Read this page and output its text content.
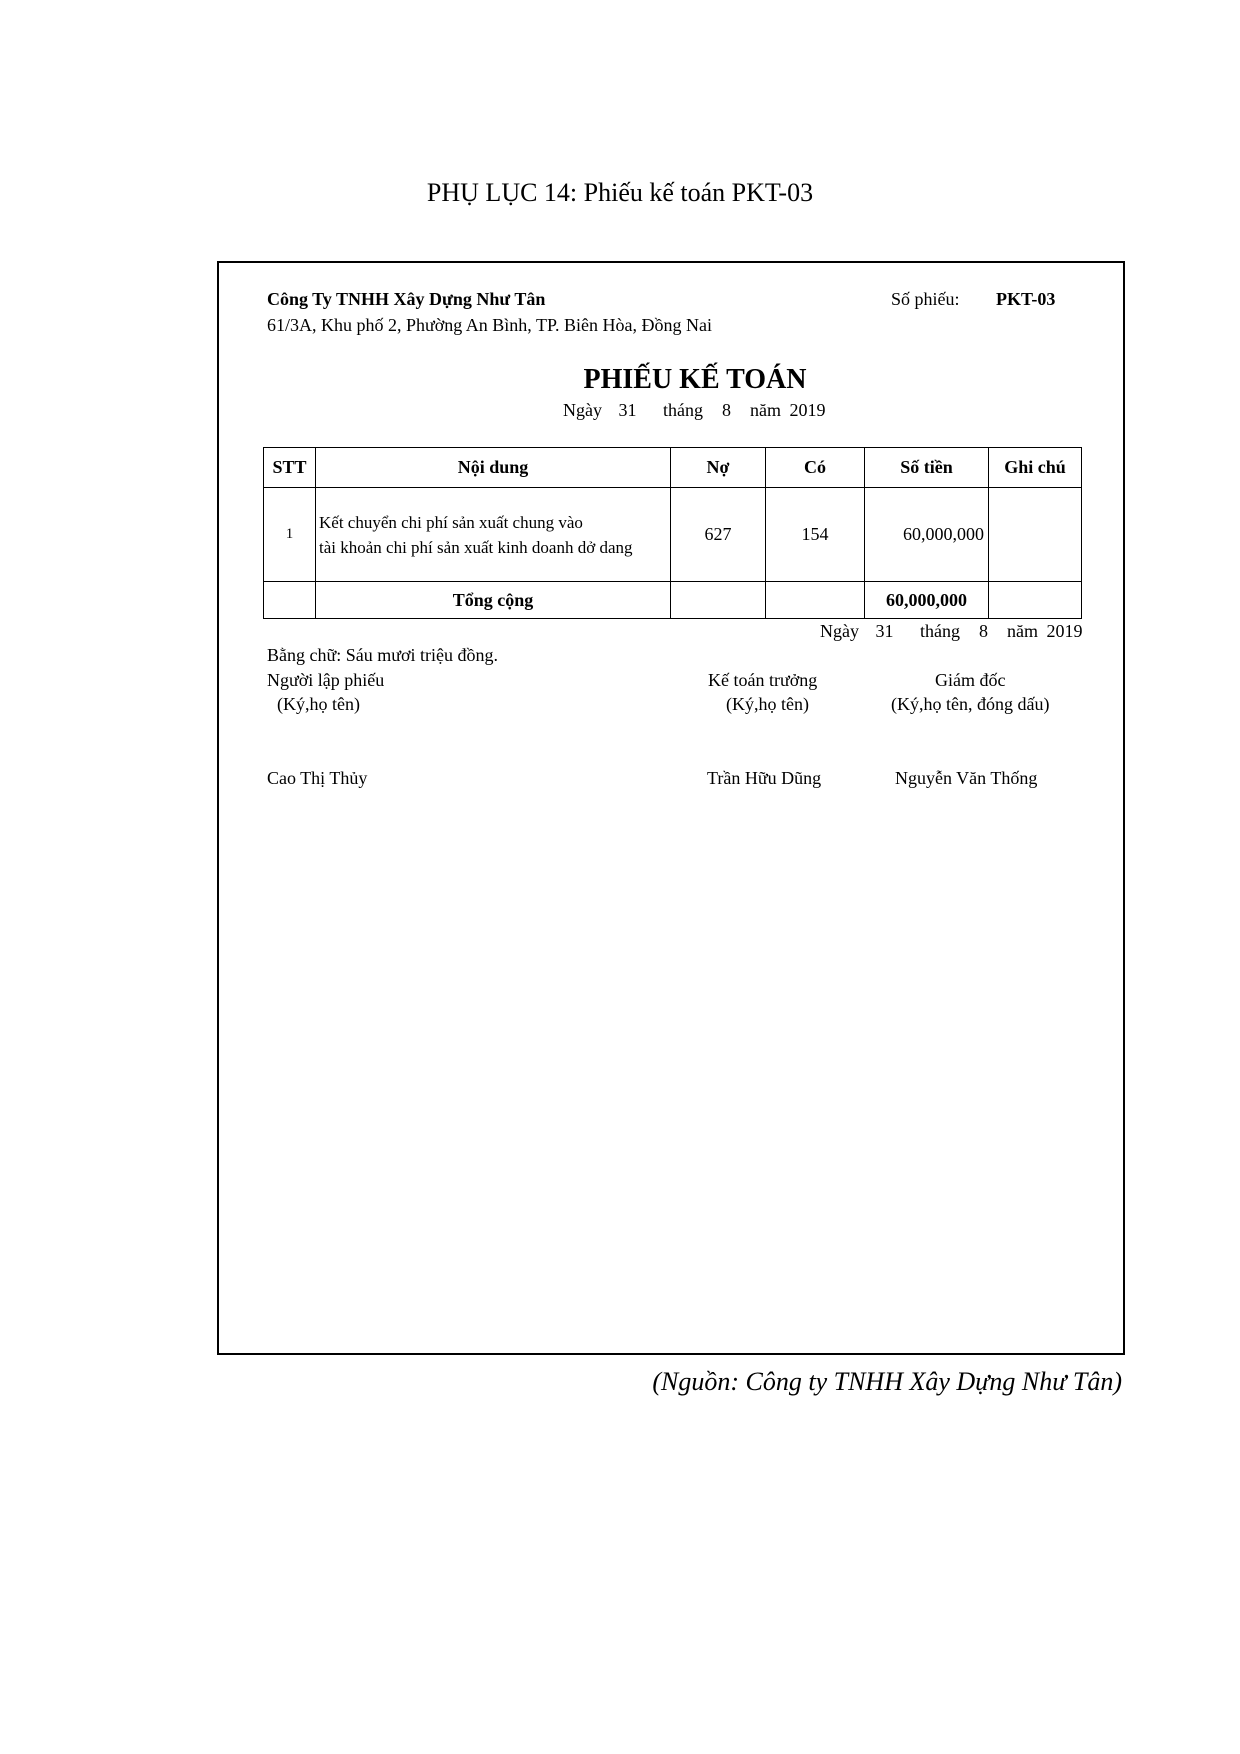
PHỤ LỤC 14: Phiếu kế toán PKT-03
Công Ty TNHH Xây Dựng Như Tân
61/3A, Khu phố 2, Phường An Bình, TP. Biên Hòa, Đồng Nai
Số phiếu: PKT-03
PHIẾU KẾ TOÁN
Ngày 31 tháng 8 năm 2019
STT	Nội dung	Nợ	Có	Số tiền	Ghi chú
1	Kết chuyển chi phí sản xuất chung vào
tài khoản chi phí sản xuất kinh doanh dở dang	627	154	60,000,000	
	Tổng cộng			60,000,000	
Ngày 31 tháng 8 năm 2019
Bằng chữ: Sáu mươi triệu đồng.
Người lập phiếu
(Ký,họ tên)
Cao Thị Thủy
Kế toán trưởng
(Ký,họ tên)
Trần Hữu Dũng
Giám đốc
(Ký,họ tên, đóng dấu)
Nguyễn Văn Thống
(Nguồn: Công ty TNHH Xây Dựng Như Tân)
